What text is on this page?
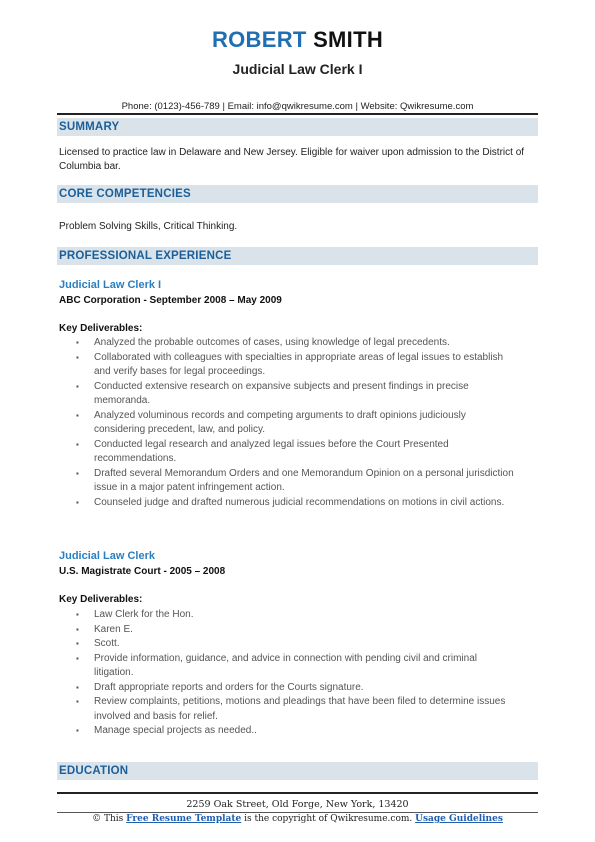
ROBERT SMITH
Judicial Law Clerk I
Phone: (0123)-456-789 | Email: info@qwikresume.com | Website: Qwikresume.com
SUMMARY
Licensed to practice law in Delaware and New Jersey. Eligible for waiver upon admission to the District of Columbia bar.
CORE COMPETENCIES
Problem Solving Skills, Critical Thinking.
PROFESSIONAL EXPERIENCE
Judicial Law Clerk I
ABC Corporation - September 2008 – May 2009
Key Deliverables:
▪ Analyzed the probable outcomes of cases, using knowledge of legal precedents.
▪ Collaborated with colleagues with specialties in appropriate areas of legal issues to establish and verify bases for legal proceedings.
▪ Conducted extensive research on expansive subjects and present findings in precise memoranda.
▪ Analyzed voluminous records and competing arguments to draft opinions judiciously considering precedent, law, and policy.
▪ Conducted legal research and analyzed legal issues before the Court Presented recommendations.
▪ Drafted several Memorandum Orders and one Memorandum Opinion on a personal jurisdiction issue in a major patent infringement action.
▪ Counseled judge and drafted numerous judicial recommendations on motions in civil actions.
Judicial Law Clerk
U.S. Magistrate Court - 2005 – 2008
Key Deliverables:
▪ Law Clerk for the Hon.
▪ Karen E.
▪ Scott.
▪ Provide information, guidance, and advice in connection with pending civil and criminal litigation.
▪ Draft appropriate reports and orders for the Courts signature.
▪ Review complaints, petitions, motions and pleadings that have been filed to determine issues involved and basis for relief.
▪ Manage special projects as needed..
EDUCATION
2259 Oak Street, Old Forge, New York, 13420
© This Free Resume Template is the copyright of Qwikresume.com. Usage Guidelines
